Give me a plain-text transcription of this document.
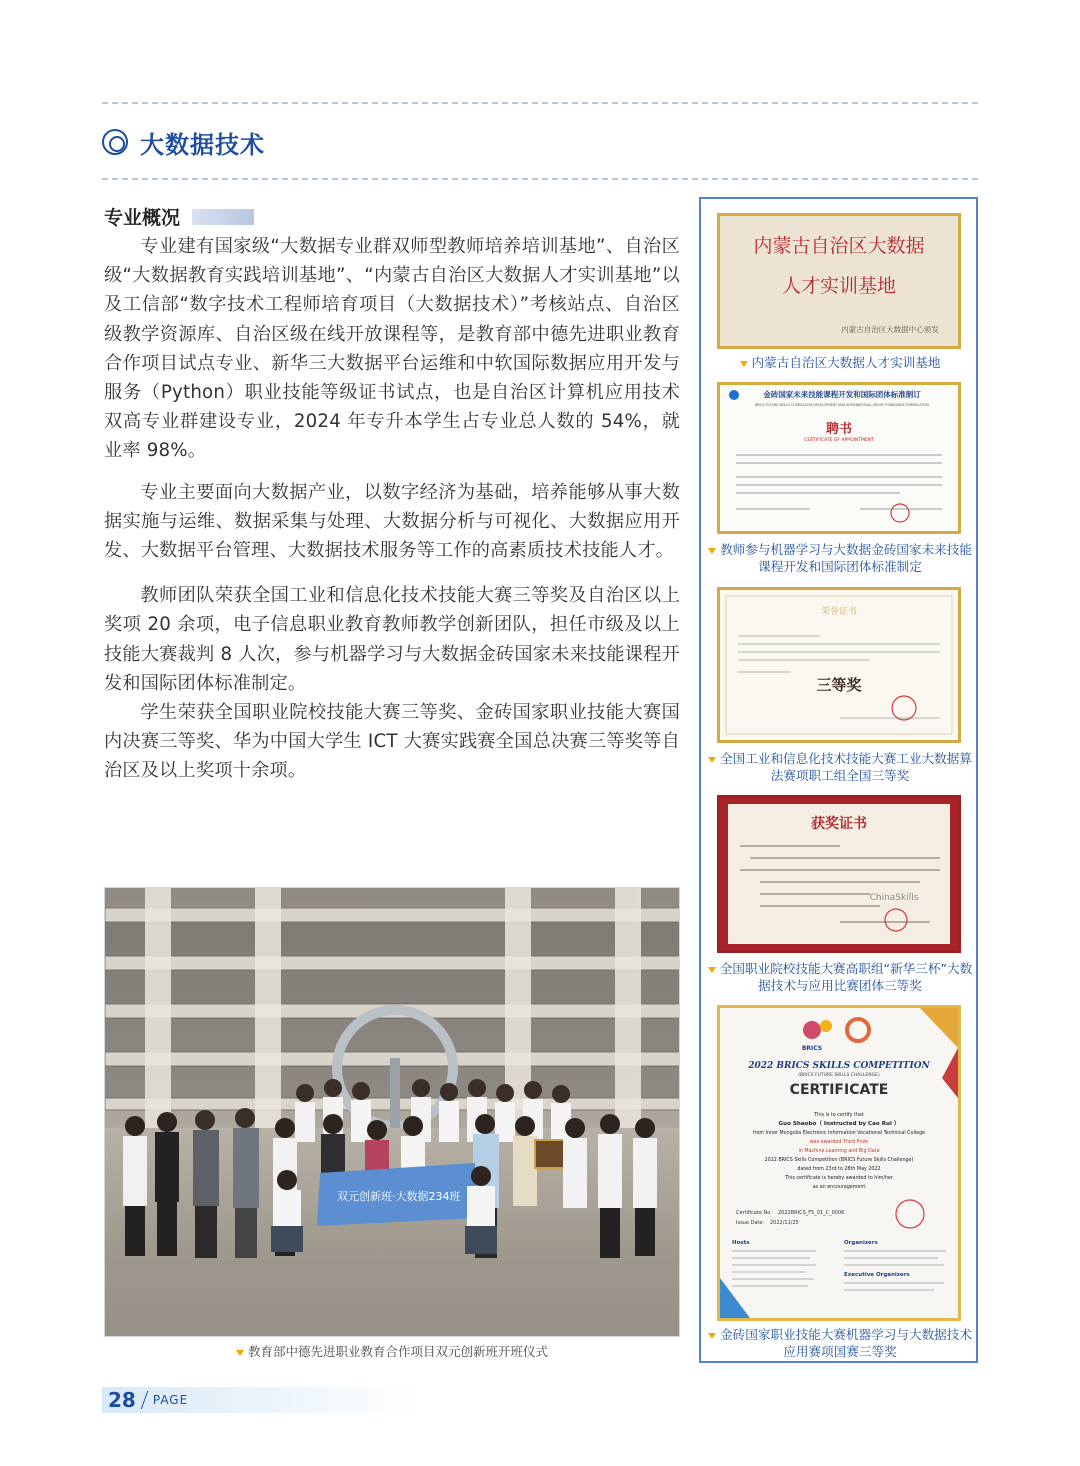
大数据技术
专业概况

专业建有国家级“大数据专业群双师型教师培养培训基地”、自治区级“大数据教育实践培训基地”、“内蒙古自治区大数据人才实训基地”以及工信部“数字技术工程师培育项目（大数据技术）”考核站点、自治区级教学资源库、自治区级在线开放课程等，是教育部中德先进职业教育合作项目试点专业、新华三大数据平台运维和中软国际数据应用开发与服务（Python）职业技能等级证书试点，也是自治区计算机应用技术双高专业群建设专业，2024 年专升本学生占专业总人数的 54%，就业率 98%。

专业主要面向大数据产业，以数字经济为基础，培养能够从事大数据实施与运维、数据采集与处理、大数据分析与可视化、大数据应用开发、大数据平台管理、大数据技术服务等工作的高素质技术技能人才。

教师团队荣获全国工业和信息化技术技能大赛三等奖及自治区以上奖项 20 余项，电子信息职业教育教师教学创新团队，担任市级及以上技能大赛裁判 8 人次，参与机器学习与大数据金砖国家未来技能课程开发和国际团体标准制定。

学生荣获全国职业院校技能大赛三等奖、金砖国家职业技能大赛国内决赛三等奖、华为中国大学生 ICT 大赛实践赛全国总决赛三等奖等自治区及以上奖项十余项。

双元创新班·大数据234班
教育部中德先进职业教育合作项目双元创新班开班仪式
内蒙古自治区大数据
人才实训基地
内蒙古自治区大数据中心颁发
内蒙古自治区大数据人才实训基地
金砖国家未来技能课程开发和国际团体标准制订
BRICS FUTURE SKILLS CURRICULUM DEVELOPMENT AND INTERNATIONAL GROUP STANDARDS FORMULATION
聘书
CERTIFICATE OF APPOINTMENT
教师参与机器学习与大数据金砖国家未来技能课程开发和国际团体标准制定
荣誉证书
三等奖
全国工业和信息化技术技能大赛工业大数据算法赛项职工组全国三等奖
获奖证书
ChinaSkills
全国职业院校技能大赛高职组“新华三杯”大数据技术与应用比赛团体三等奖
BRICS
2022 BRICS SKILLS COMPETITION
(BRICS FUTURE SKILLS CHALLENGE)
CERTIFICATE
This is to certify that
Guo Shaobo（ Instructed by Cao Rui ）
from Inner Mongolia Electronic Information Vocational Technical College
was awarded Third Prize
in Machine Learning and Big Data
2022 BRICS Skills Competition (BRICS Future Skills Challenge)
dated from 23rd to 28th May 2022
This certificate is hereby awarded to him/her
as an encouragement
Certificate No. 2022BRICS_FS_01_C_0006
Issue Date: 2022/11/25
Hosts	Organizers
Executive Organizers
金砖国家职业技能大赛机器学习与大数据技术应用赛项国赛三等奖
28 PAGE
